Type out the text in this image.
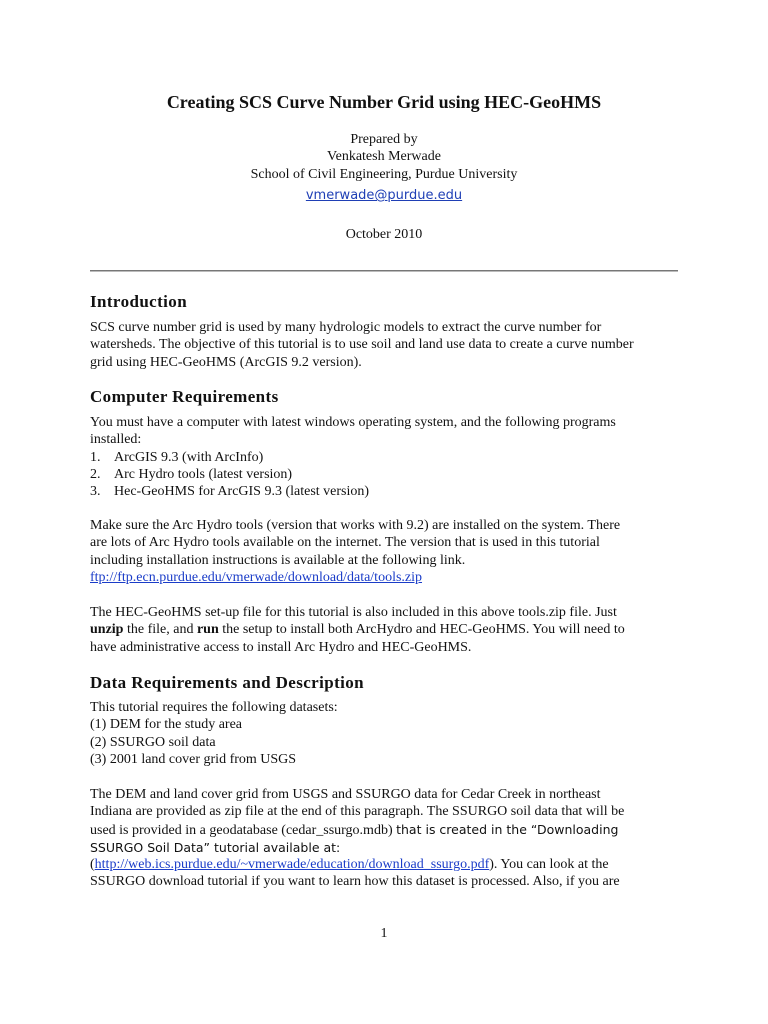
Creating SCS Curve Number Grid using HEC-GeoHMS
Prepared by
Venkatesh Merwade
School of Civil Engineering, Purdue University
vmerwade@purdue.edu
October 2010
Introduction
SCS curve number grid is used by many hydrologic models to extract the curve number for
watersheds. The objective of this tutorial is to use soil and land use data to create a curve number
grid using HEC-GeoHMS (ArcGIS 9.2 version).
Computer Requirements
You must have a computer with latest windows operating system, and the following programs
installed:
1. ArcGIS 9.3 (with ArcInfo)
2. Arc Hydro tools (latest version)
3. Hec-GeoHMS for ArcGIS 9.3 (latest version)
Make sure the Arc Hydro tools (version that works with 9.2) are installed on the system. There
are lots of Arc Hydro tools available on the internet. The version that is used in this tutorial
including installation instructions is available at the following link.
ftp://ftp.ecn.purdue.edu/vmerwade/download/data/tools.zip
The HEC-GeoHMS set-up file for this tutorial is also included in this above tools.zip file. Just
unzip the file, and run the setup to install both ArcHydro and HEC-GeoHMS. You will need to
have administrative access to install Arc Hydro and HEC-GeoHMS.
Data Requirements and Description
This tutorial requires the following datasets:
(1) DEM for the study area
(2) SSURGO soil data
(3) 2001 land cover grid from USGS
The DEM and land cover grid from USGS and SSURGO data for Cedar Creek in northeast
Indiana are provided as zip file at the end of this paragraph. The SSURGO soil data that will be
used is provided in a geodatabase (cedar_ssurgo.mdb) that is created in the “Downloading
SSURGO Soil Data” tutorial available at:
(http://web.ics.purdue.edu/~vmerwade/education/download_ssurgo.pdf). You can look at the
SSURGO download tutorial if you want to learn how this dataset is processed. Also, if you are
1
